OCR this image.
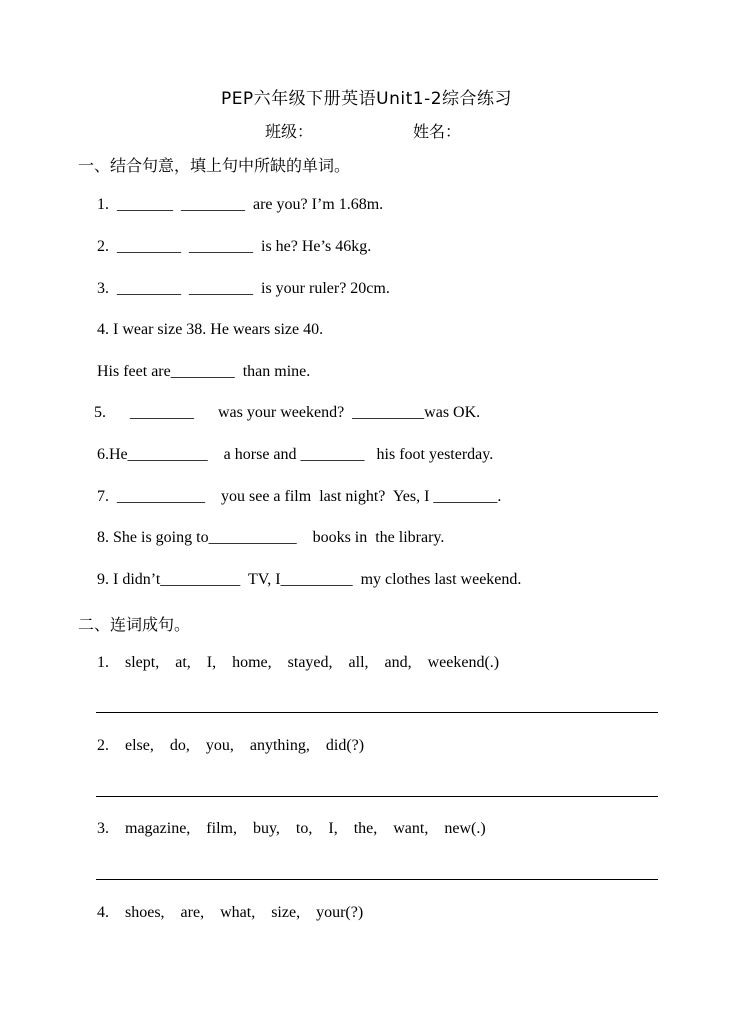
PEP六年级下册英语Unit1-2综合练习
班级：	姓名：
一、结合句意，填上句中所缺的单词。
1.  _______  ________  are you? I’m 1.68m.
2.  ________  ________  is he? He’s 46kg.
3.  ________  ________  is your ruler? 20cm.
4. I wear size 38. He wears size 40.
His feet are________  than mine.
5.      ________      was your weekend?  _________was OK.
6.He__________    a horse and ________   his foot yesterday.
7.  ___________    you see a film  last night?  Yes, I ________.
8. She is going to___________    books in  the library.
9. I didn’t__________  TV, I_________  my clothes last weekend.
二、连词成句。
1.    slept,    at,    I,    home,    stayed,    all,    and,    weekend(.)
2.    else,    do,    you,    anything,    did(?)
3.    magazine,    film,    buy,    to,    I,    the,    want,    new(.)
4.    shoes,    are,    what,    size,    your(?)
